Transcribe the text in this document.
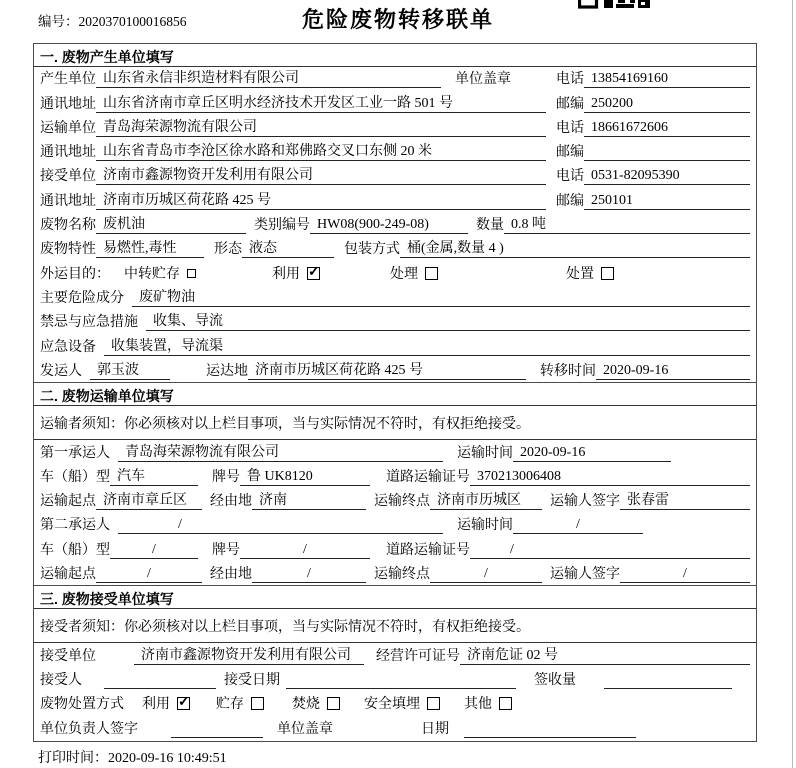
编号：2020370100016856	危险废物转移联单
一. 废物产生单位填写
产生单位 山东省永信非织造材料有限公司	单位盖章	电话 13854169160
通讯地址 山东省济南市章丘区明水经济技术开发区工业一路 501 号	邮编 250200
运输单位 青岛海荣源物流有限公司	电话 18661672606
通讯地址 山东省青岛市李沧区徐水路和郑佛路交叉口东侧 20 米	邮编
接受单位 济南市鑫源物资开发利用有限公司	电话 0531-82095390
通讯地址 济南市历城区荷花路 425 号	邮编 250101
废物名称 废机油	类别编号 HW08(900-249-08)	数量 0.8 吨
废物特性 易燃性,毒性	形态 液态	包装方式 桶(金属,数量 4 )
外运目的： 中转贮存	利用 ✓	处理	处置
主要危险成分	废矿物油
禁忌与应急措施	收集、导流
应急设备	收集装置，导流渠
发运人	郭玉波	运达地 济南市历城区荷花路 425 号	转移时间 2020-09-16
二. 废物运输单位填写
运输者须知：你必须核对以上栏目事项，当与实际情况不符时，有权拒绝接受。
第一承运人	青岛海荣源物流有限公司	运输时间 2020-09-16
车（船）型 汽车	牌号 鲁 UK8120	道路运输证号 370213006408
运输起点 济南市章丘区	经由地 济南	运输终点 济南市历城区	运输人签字 张春雷
第二承运人	/	运输时间	/
车（船）型	/	牌号	/	道路运输证号	/
运输起点	/	经由地	/	运输终点	/	运输人签字	/
三. 废物接受单位填写
接受者须知：你必须核对以上栏目事项，当与实际情况不符时，有权拒绝接受。
接受单位	济南市鑫源物资开发利用有限公司	经营许可证号 济南危证 02 号
接受人	接受日期	签收量
废物处置方式 利用 ✓	贮存	焚烧	安全填埋	其他
单位负责人签字	单位盖章	日期
打印时间：2020-09-16 10:49:51
